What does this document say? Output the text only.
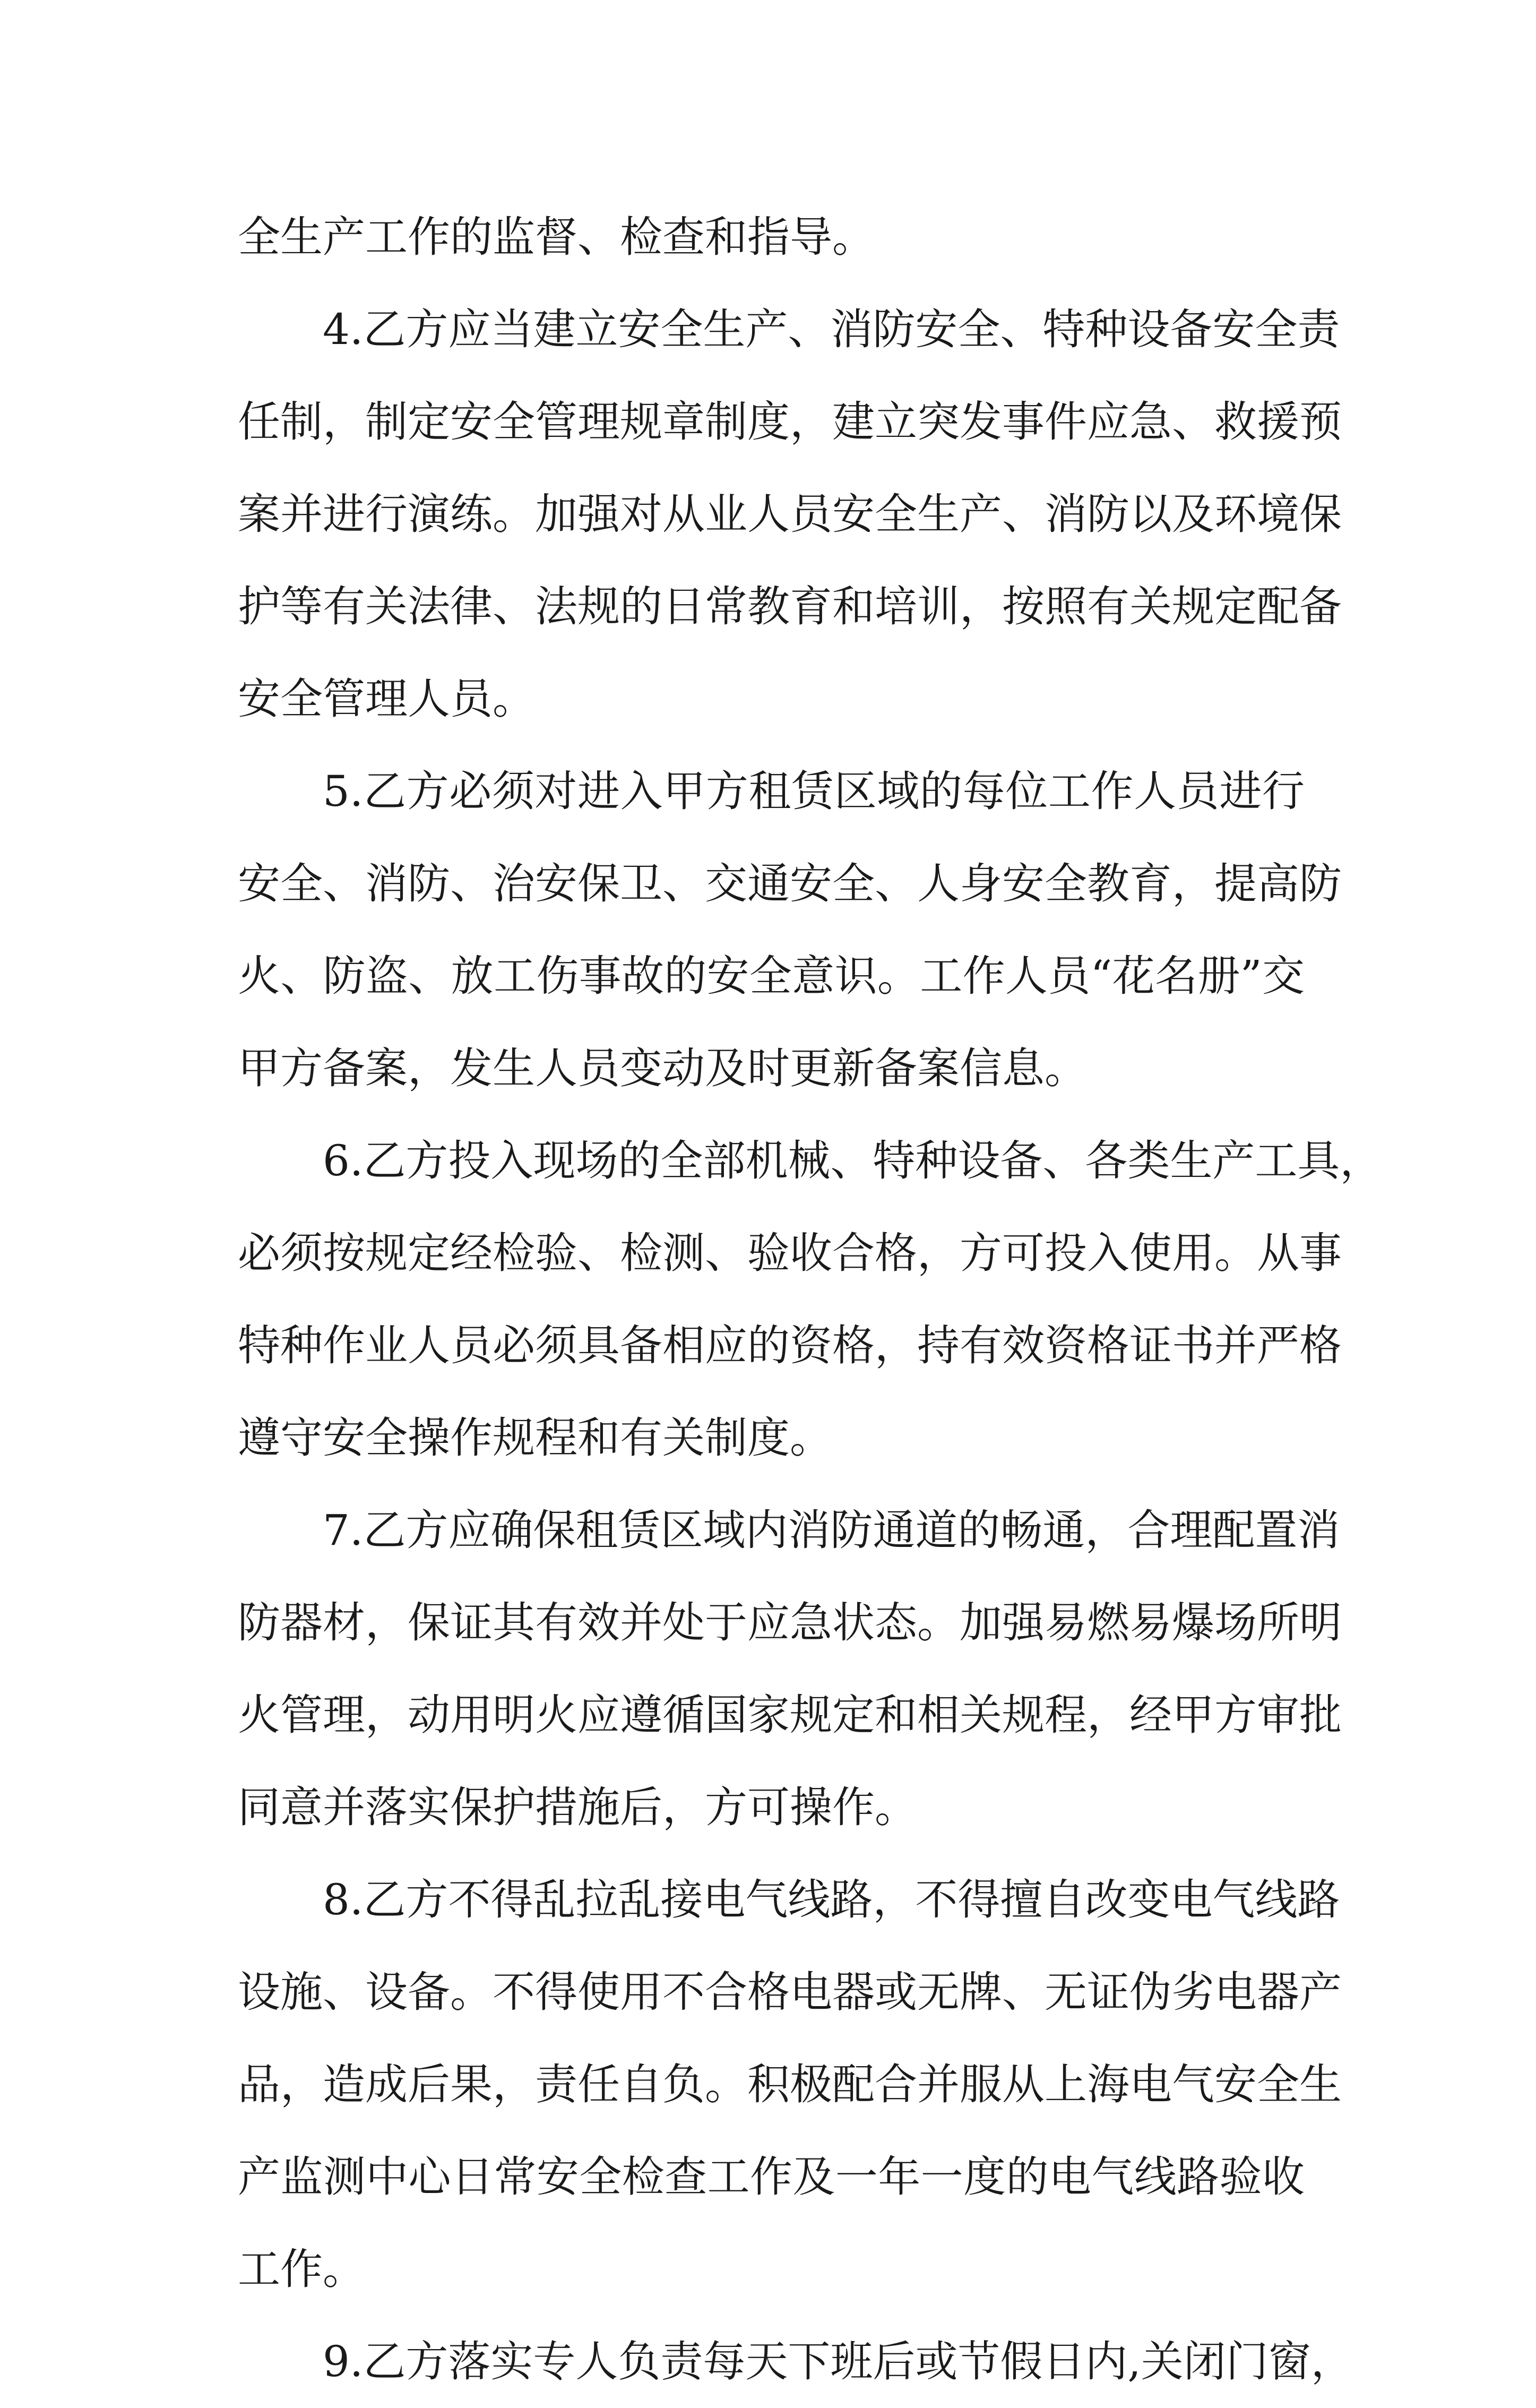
全生产工作的监督、检查和指导。
4.乙方应当建立安全生产、消防安全、特种设备安全责
任制，制定安全管理规章制度，建立突发事件应急、救援预
案并进行演练。加强对从业人员安全生产、消防以及环境保
护等有关法律、法规的日常教育和培训，按照有关规定配备
安全管理人员。
5.乙方必须对进入甲方租赁区域的每位工作人员进行
安全、消防、治安保卫、交通安全、人身安全教育，提高防
火、防盗、放工伤事故的安全意识。工作人员“花名册”交
甲方备案，发生人员变动及时更新备案信息。
6.乙方投入现场的全部机械、特种设备、各类生产工具，
必须按规定经检验、检测、验收合格，方可投入使用。从事
特种作业人员必须具备相应的资格，持有效资格证书并严格
遵守安全操作规程和有关制度。
7.乙方应确保租赁区域内消防通道的畅通，合理配置消
防器材，保证其有效并处于应急状态。加强易燃易爆场所明
火管理，动用明火应遵循国家规定和相关规程，经甲方审批
同意并落实保护措施后，方可操作。
8.乙方不得乱拉乱接电气线路，不得擅自改变电气线路
设施、设备。不得使用不合格电器或无牌、无证伪劣电器产
品，造成后果，责任自负。积极配合并服从上海电气安全生
产监测中心日常安全检查工作及一年一度的电气线路验收
工作。
9.乙方落实专人负责每天下班后或节假日内,关闭门窗，
